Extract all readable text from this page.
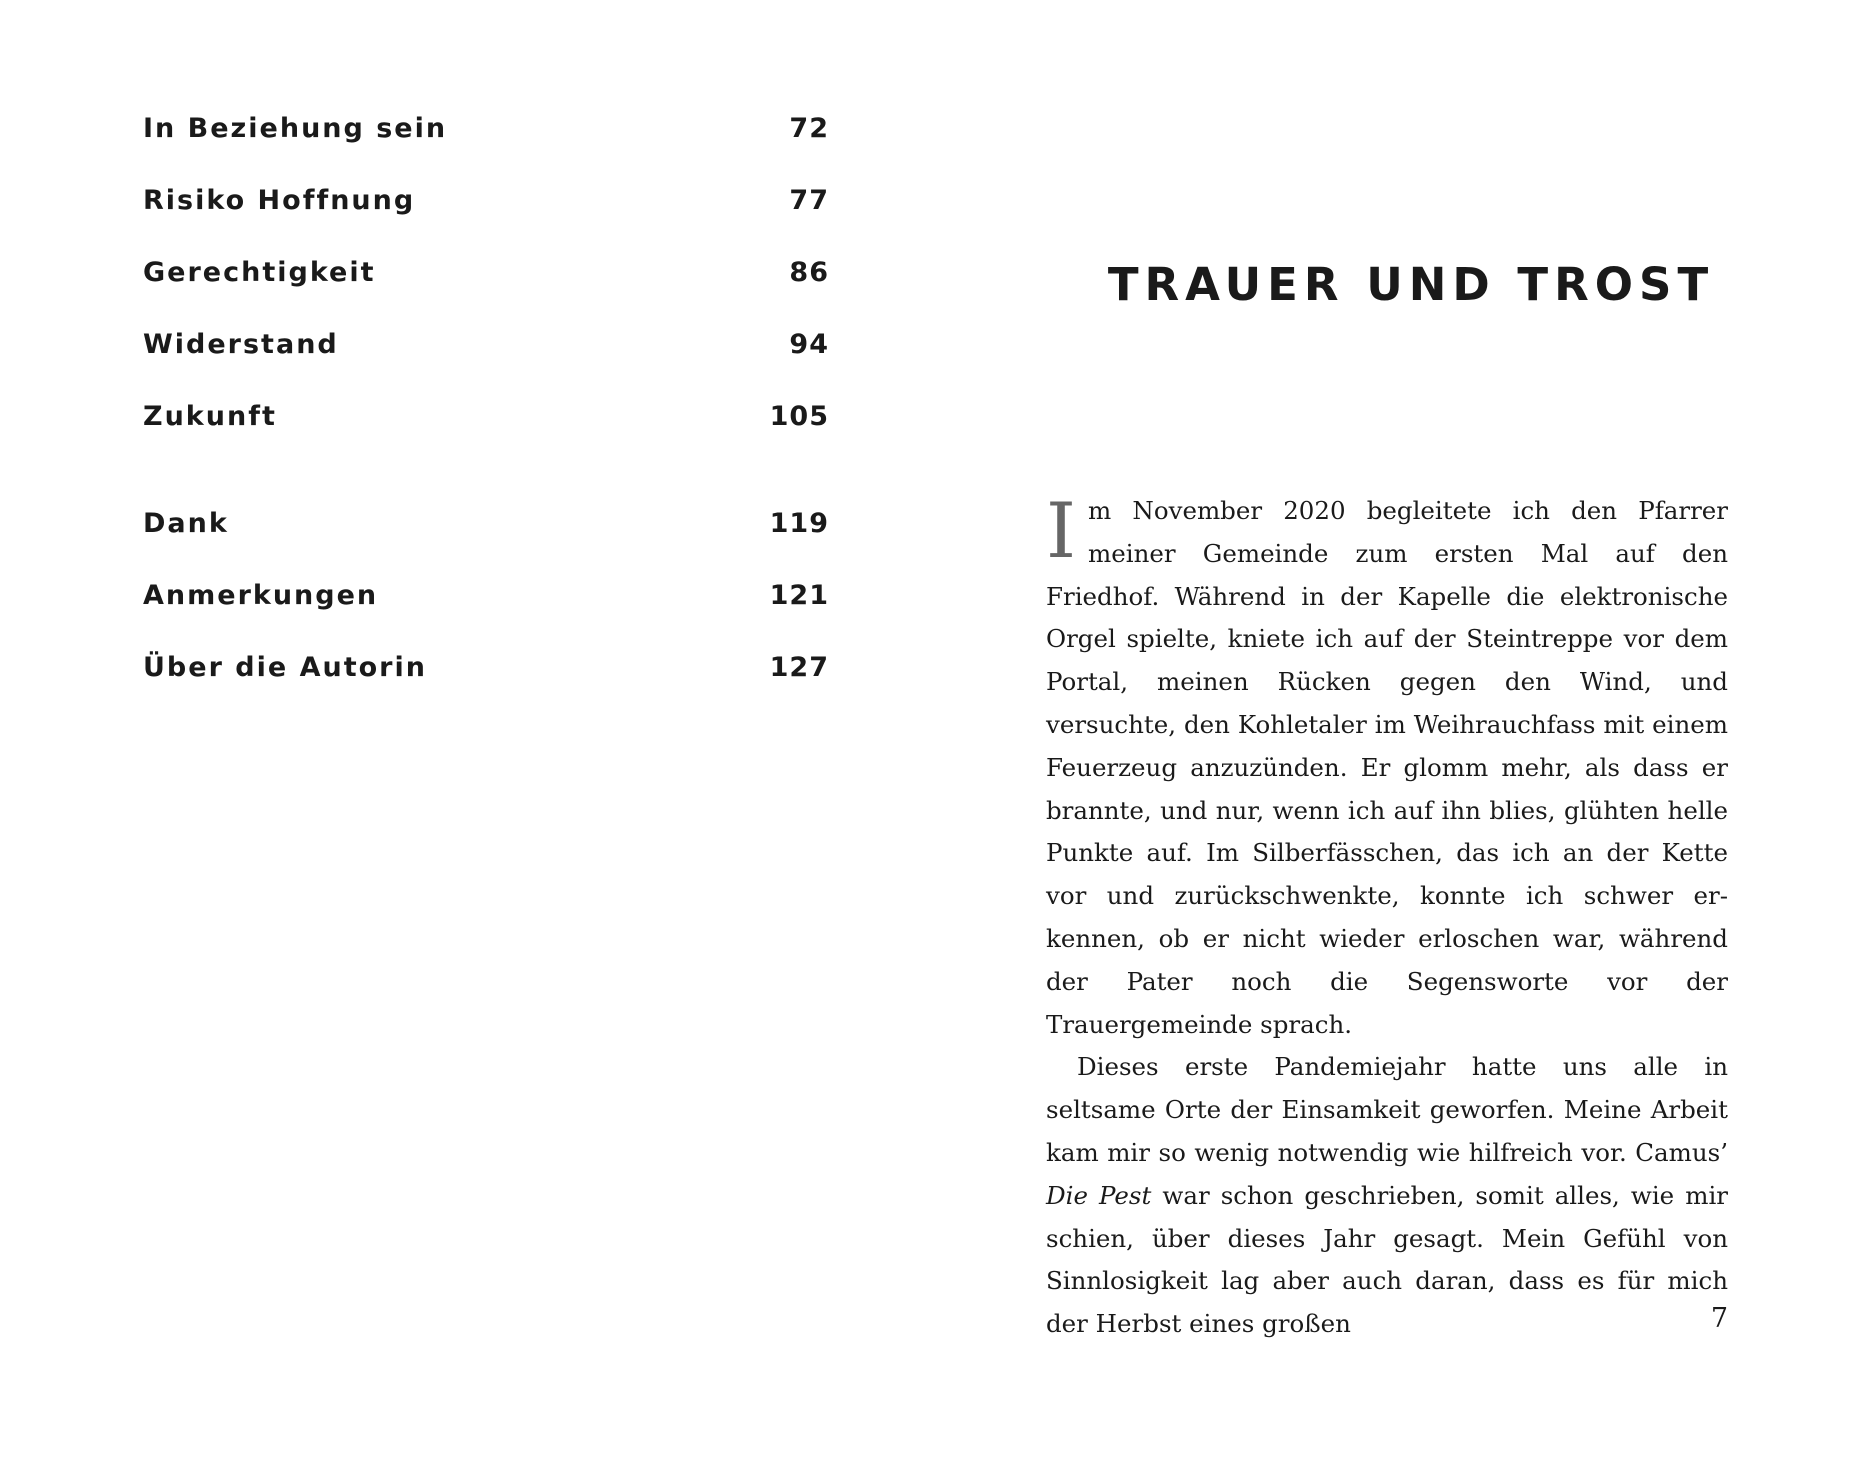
In Beziehung sein	72
Risiko Hoffnung	77
Gerechtigkeit	86
Widerstand	94
Zukunft	105
Dank	119
Anmerkungen	121
Über die Autorin	127
TRAUER UND TROST

Im November 2020 begleitete ich den Pfarrer meiner Gemeinde zum ersten Mal auf den Friedhof. Während in der Kapelle die elektronische Orgel spielte, kniete ich auf der Steintreppe vor dem Portal, meinen Rücken gegen den Wind, und versuchte, den Kohletaler im Weihrauchfass mit einem Feuerzeug anzuzünden. Er glomm mehr, als dass er brannte, und nur, wenn ich auf ihn blies, glühten helle Punkte auf. Im Silberfässchen, das ich an der Kette vor und zurückschwenkte, konnte ich schwer erkennen, ob er nicht wieder erloschen war, während der Pater noch die Segensworte vor der Trauergemeinde sprach.

Dieses erste Pandemiejahr hatte uns alle in seltsame Orte der Einsamkeit geworfen. Meine Arbeit kam mir so wenig notwendig wie hilfreich vor. Camus’ Die Pest war schon geschrieben, somit alles, wie mir schien, über dieses Jahr gesagt. Mein Gefühl von Sinnlosigkeit lag aber auch daran, dass es für mich der Herbst eines großen	7
